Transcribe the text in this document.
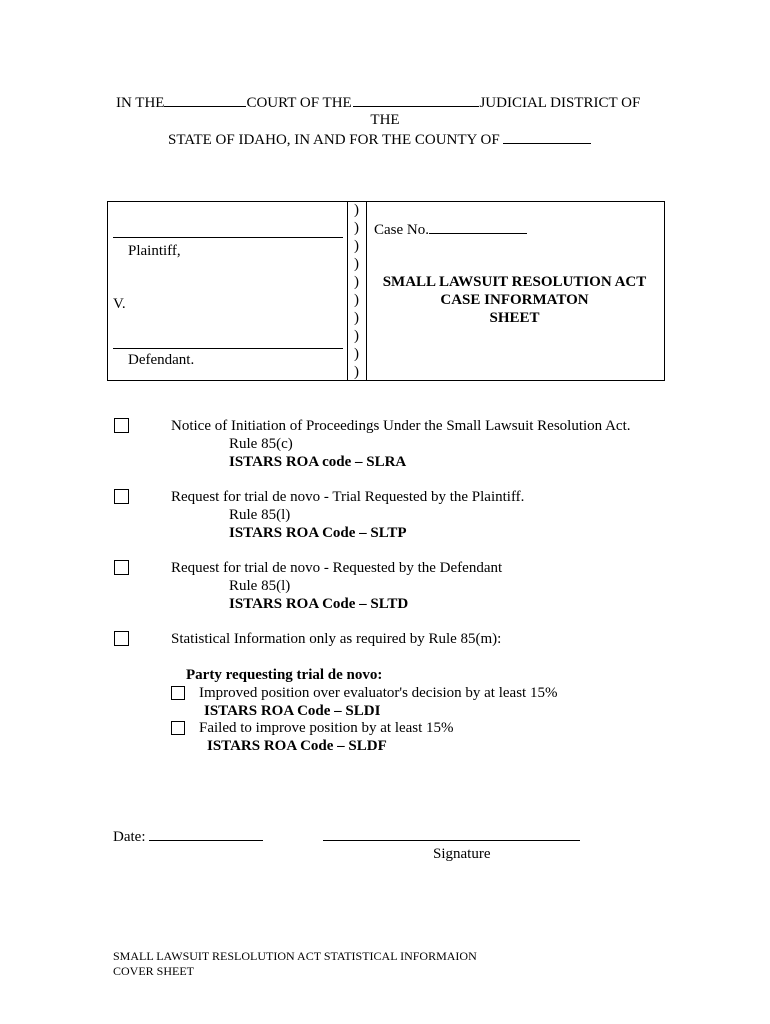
IN THE	COURT OF THE	JUDICIAL DISTRICT OF
THE
STATE OF IDAHO, IN AND FOR THE COUNTY OF
Plaintiff,
V.
Defendant.
)
)
)
)
)
)
)
)
)
)
Case No.
SMALL LAWSUIT RESOLUTION ACT
CASE INFORMATON
SHEET
Notice of Initiation of Proceedings Under the Small Lawsuit Resolution Act.
Rule 85(c)
ISTARS ROA code – SLRA
Request for trial de novo - Trial Requested by the Plaintiff.
Rule 85(l)
ISTARS ROA Code – SLTP
Request for trial de novo - Requested by the Defendant
Rule 85(l)
ISTARS ROA Code – SLTD
Statistical Information only as required by Rule 85(m):
Party requesting trial de novo:
Improved position over evaluator's decision by at least 15%
ISTARS ROA Code – SLDI
Failed to improve position by at least 15%
ISTARS ROA Code – SLDF
Date:
Signature
SMALL LAWSUIT RESLOLUTION ACT STATISTICAL INFORMAION
COVER SHEET
